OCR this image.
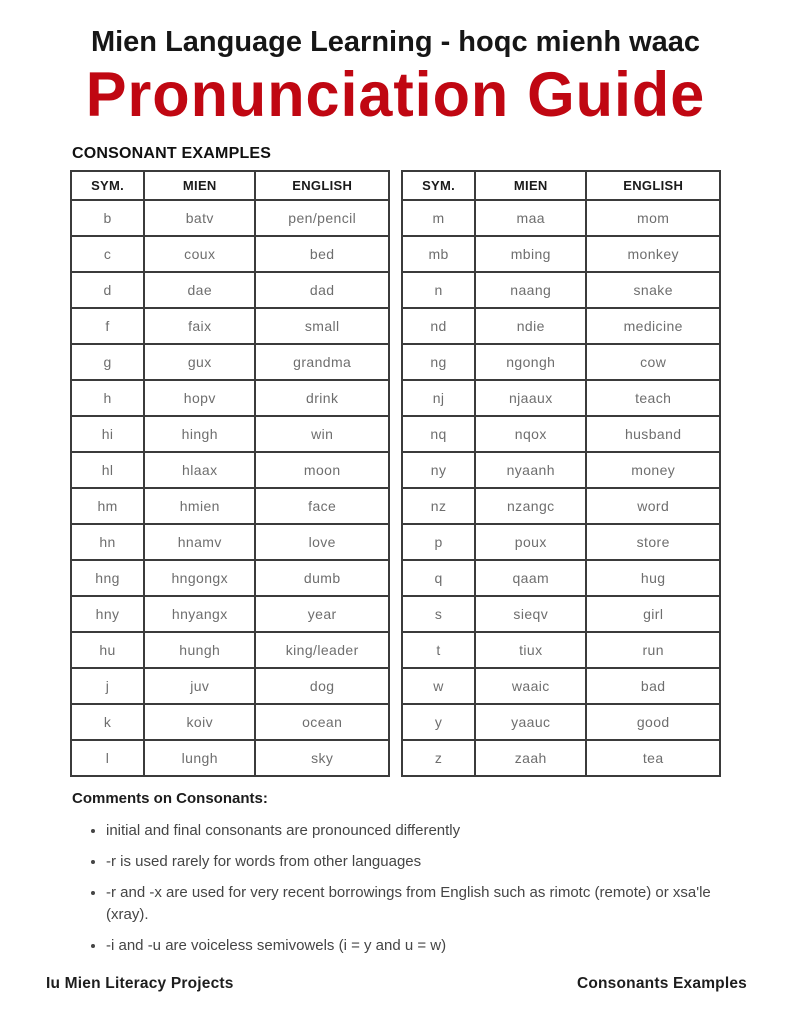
Mien Language Learning - hoqc mienh waac
Pronunciation Guide
CONSONANT EXAMPLES
SYM.	MIEN	ENGLISH
b	batv	pen/pencil
c	coux	bed
d	dae	dad
f	faix	small
g	gux	grandma
h	hopv	drink
hi	hingh	win
hl	hlaax	moon
hm	hmien	face
hn	hnamv	love
hng	hngongx	dumb
hny	hnyangx	year
hu	hungh	king/leader
j	juv	dog
k	koiv	ocean
l	lungh	sky
SYM.	MIEN	ENGLISH
m	maa	mom
mb	mbing	monkey
n	naang	snake
nd	ndie	medicine
ng	ngongh	cow
nj	njaaux	teach
nq	nqox	husband
ny	nyaanh	money
nz	nzangc	word
p	poux	store
q	qaam	hug
s	sieqv	girl
t	tiux	run
w	waaic	bad
y	yaauc	good
z	zaah	tea
Comments on Consonants:
• initial and final consonants are pronounced differently
• -r is used rarely for words from other languages
• -r and -x are used for very recent borrowings from English such as rimotc (remote) or xsa'le (xray).
• -i and -u are voiceless semivowels (i = y and u = w)
Iu Mien Literacy Projects	Consonants Examples
